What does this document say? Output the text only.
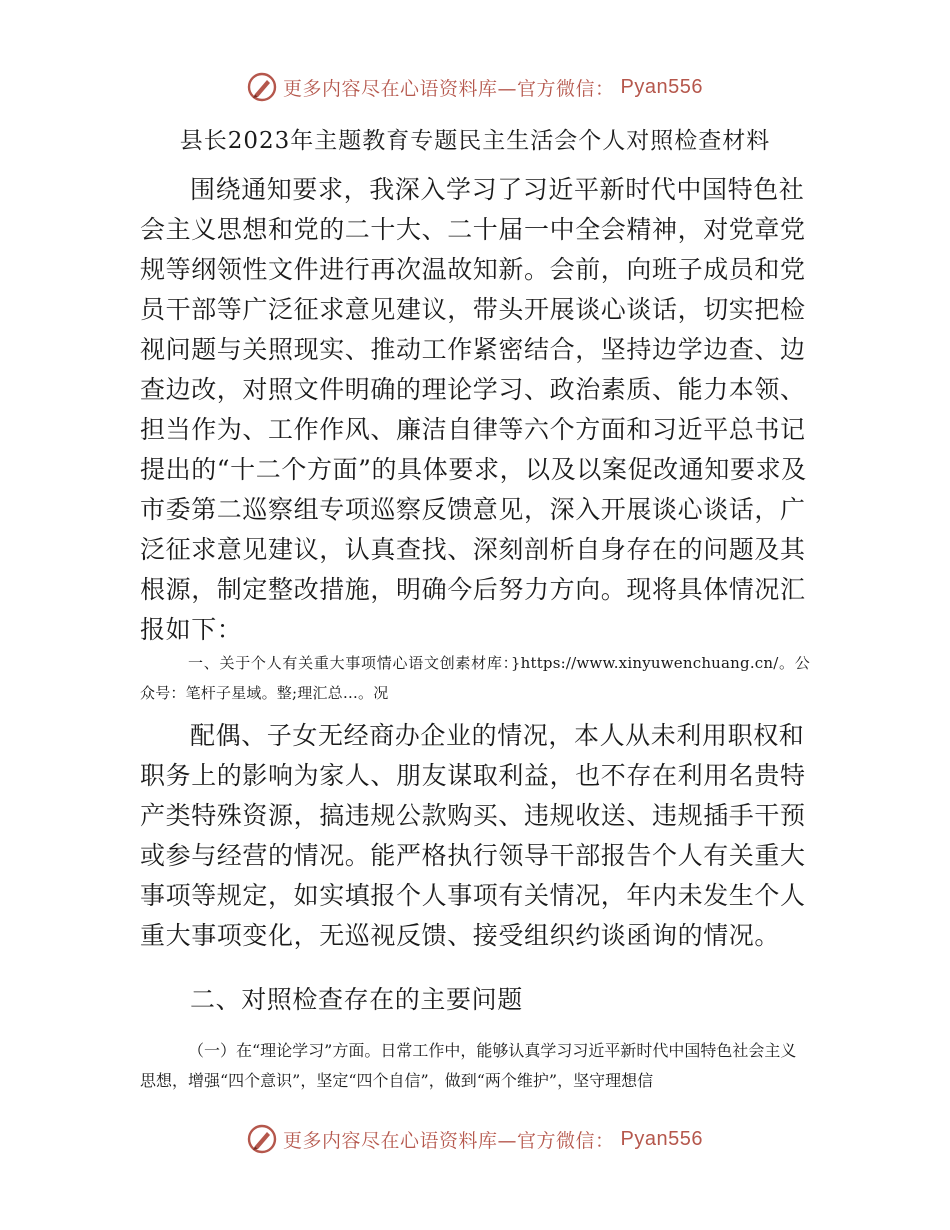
更多内容尽在心语资料库—官方微信： Pyan556
县长2023年主题教育专题民主生活会个人对照检查材料

围绕通知要求，我深入学习了习近平新时代中国特色社会主义思想和党的二十大、二十届一中全会精神，对党章党规等纲领性文件进行再次温故知新。会前，向班子成员和党员干部等广泛征求意见建议，带头开展谈心谈话，切实把检视问题与关照现实、推动工作紧密结合，坚持边学边查、边查边改，对照文件明确的理论学习、政治素质、能力本领、担当作为、工作作风、廉洁自律等六个方面和习近平总书记提出的“十二个方面”的具体要求，以及以案促改通知要求及市委第二巡察组专项巡察反馈意见，深入开展谈心谈话，广泛征求意见建议，认真查找、深刻剖析自身存在的问题及其根源，制定整改措施，明确今后努力方向。现将具体情况汇报如下：

一、关于个人有关重大事项情心语文创素材库：}https://www.xinyuwenchuang.cn/。公众号：笔杆子星域。整;理汇总…。况

配偶、子女无经商办企业的情况，本人从未利用职权和职务上的影响为家人、朋友谋取利益，也不存在利用名贵特产类特殊资源，搞违规公款购买、违规收送、违规插手干预或参与经营的情况。能严格执行领导干部报告个人有关重大事项等规定，如实填报个人事项有关情况，年内未发生个人重大事项变化，无巡视反馈、接受组织约谈函询的情况。

二、对照检查存在的主要问题

（一）在“理论学习”方面。日常工作中，能够认真学习习近平新时代中国特色社会主义思想，增强“四个意识”，坚定“四个自信”，做到“两个维护”，坚守理想信

更多内容尽在心语资料库—官方微信： Pyan556
